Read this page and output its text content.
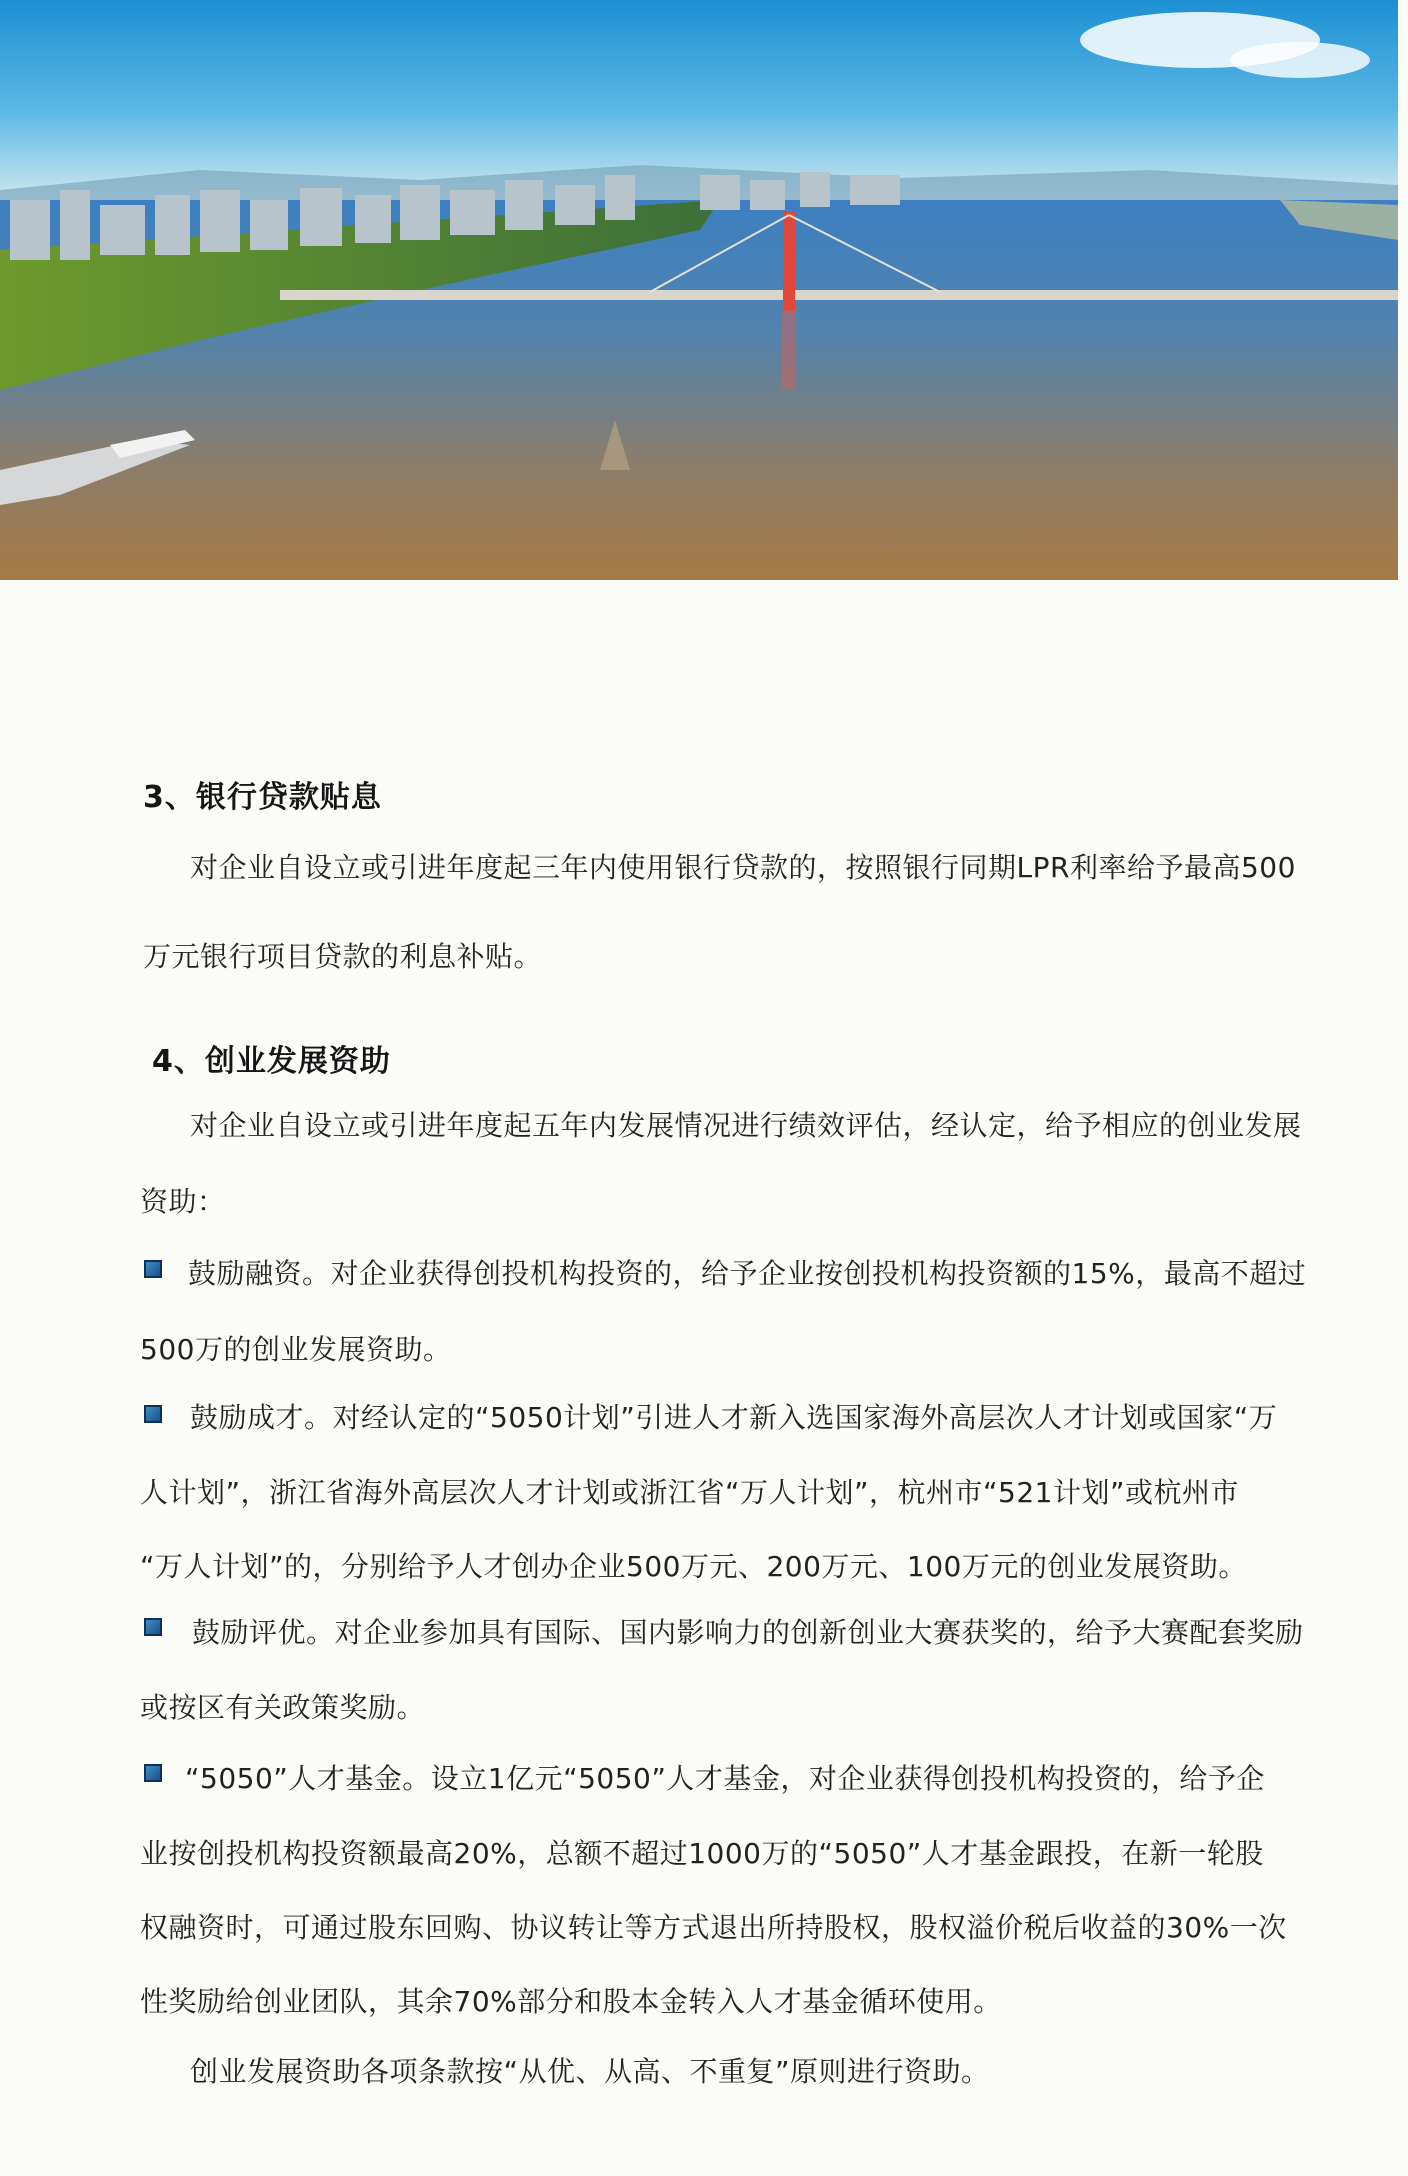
3、银行贷款贴息
对企业自设立或引进年度起三年内使用银行贷款的，按照银行同期LPR利率给予最高500
万元银行项目贷款的利息补贴。
4、创业发展资助
对企业自设立或引进年度起五年内发展情况进行绩效评估，经认定，给予相应的创业发展
资助：
鼓励融资。对企业获得创投机构投资的，给予企业按创投机构投资额的15%，最高不超过
500万的创业发展资助。
鼓励成才。对经认定的“5050计划”引进人才新入选国家海外高层次人才计划或国家“万
人计划”，浙江省海外高层次人才计划或浙江省“万人计划”，杭州市“521计划”或杭州市
“万人计划”的，分别给予人才创办企业500万元、200万元、100万元的创业发展资助。
鼓励评优。对企业参加具有国际、国内影响力的创新创业大赛获奖的，给予大赛配套奖励
或按区有关政策奖励。
“5050”人才基金。设立1亿元“5050”人才基金，对企业获得创投机构投资的，给予企
业按创投机构投资额最高20%，总额不超过1000万的“5050”人才基金跟投，在新一轮股
权融资时，可通过股东回购、协议转让等方式退出所持股权，股权溢价税后收益的30%一次
性奖励给创业团队，其余70%部分和股本金转入人才基金循环使用。
创业发展资助各项条款按“从优、从高、不重复”原则进行资助。
